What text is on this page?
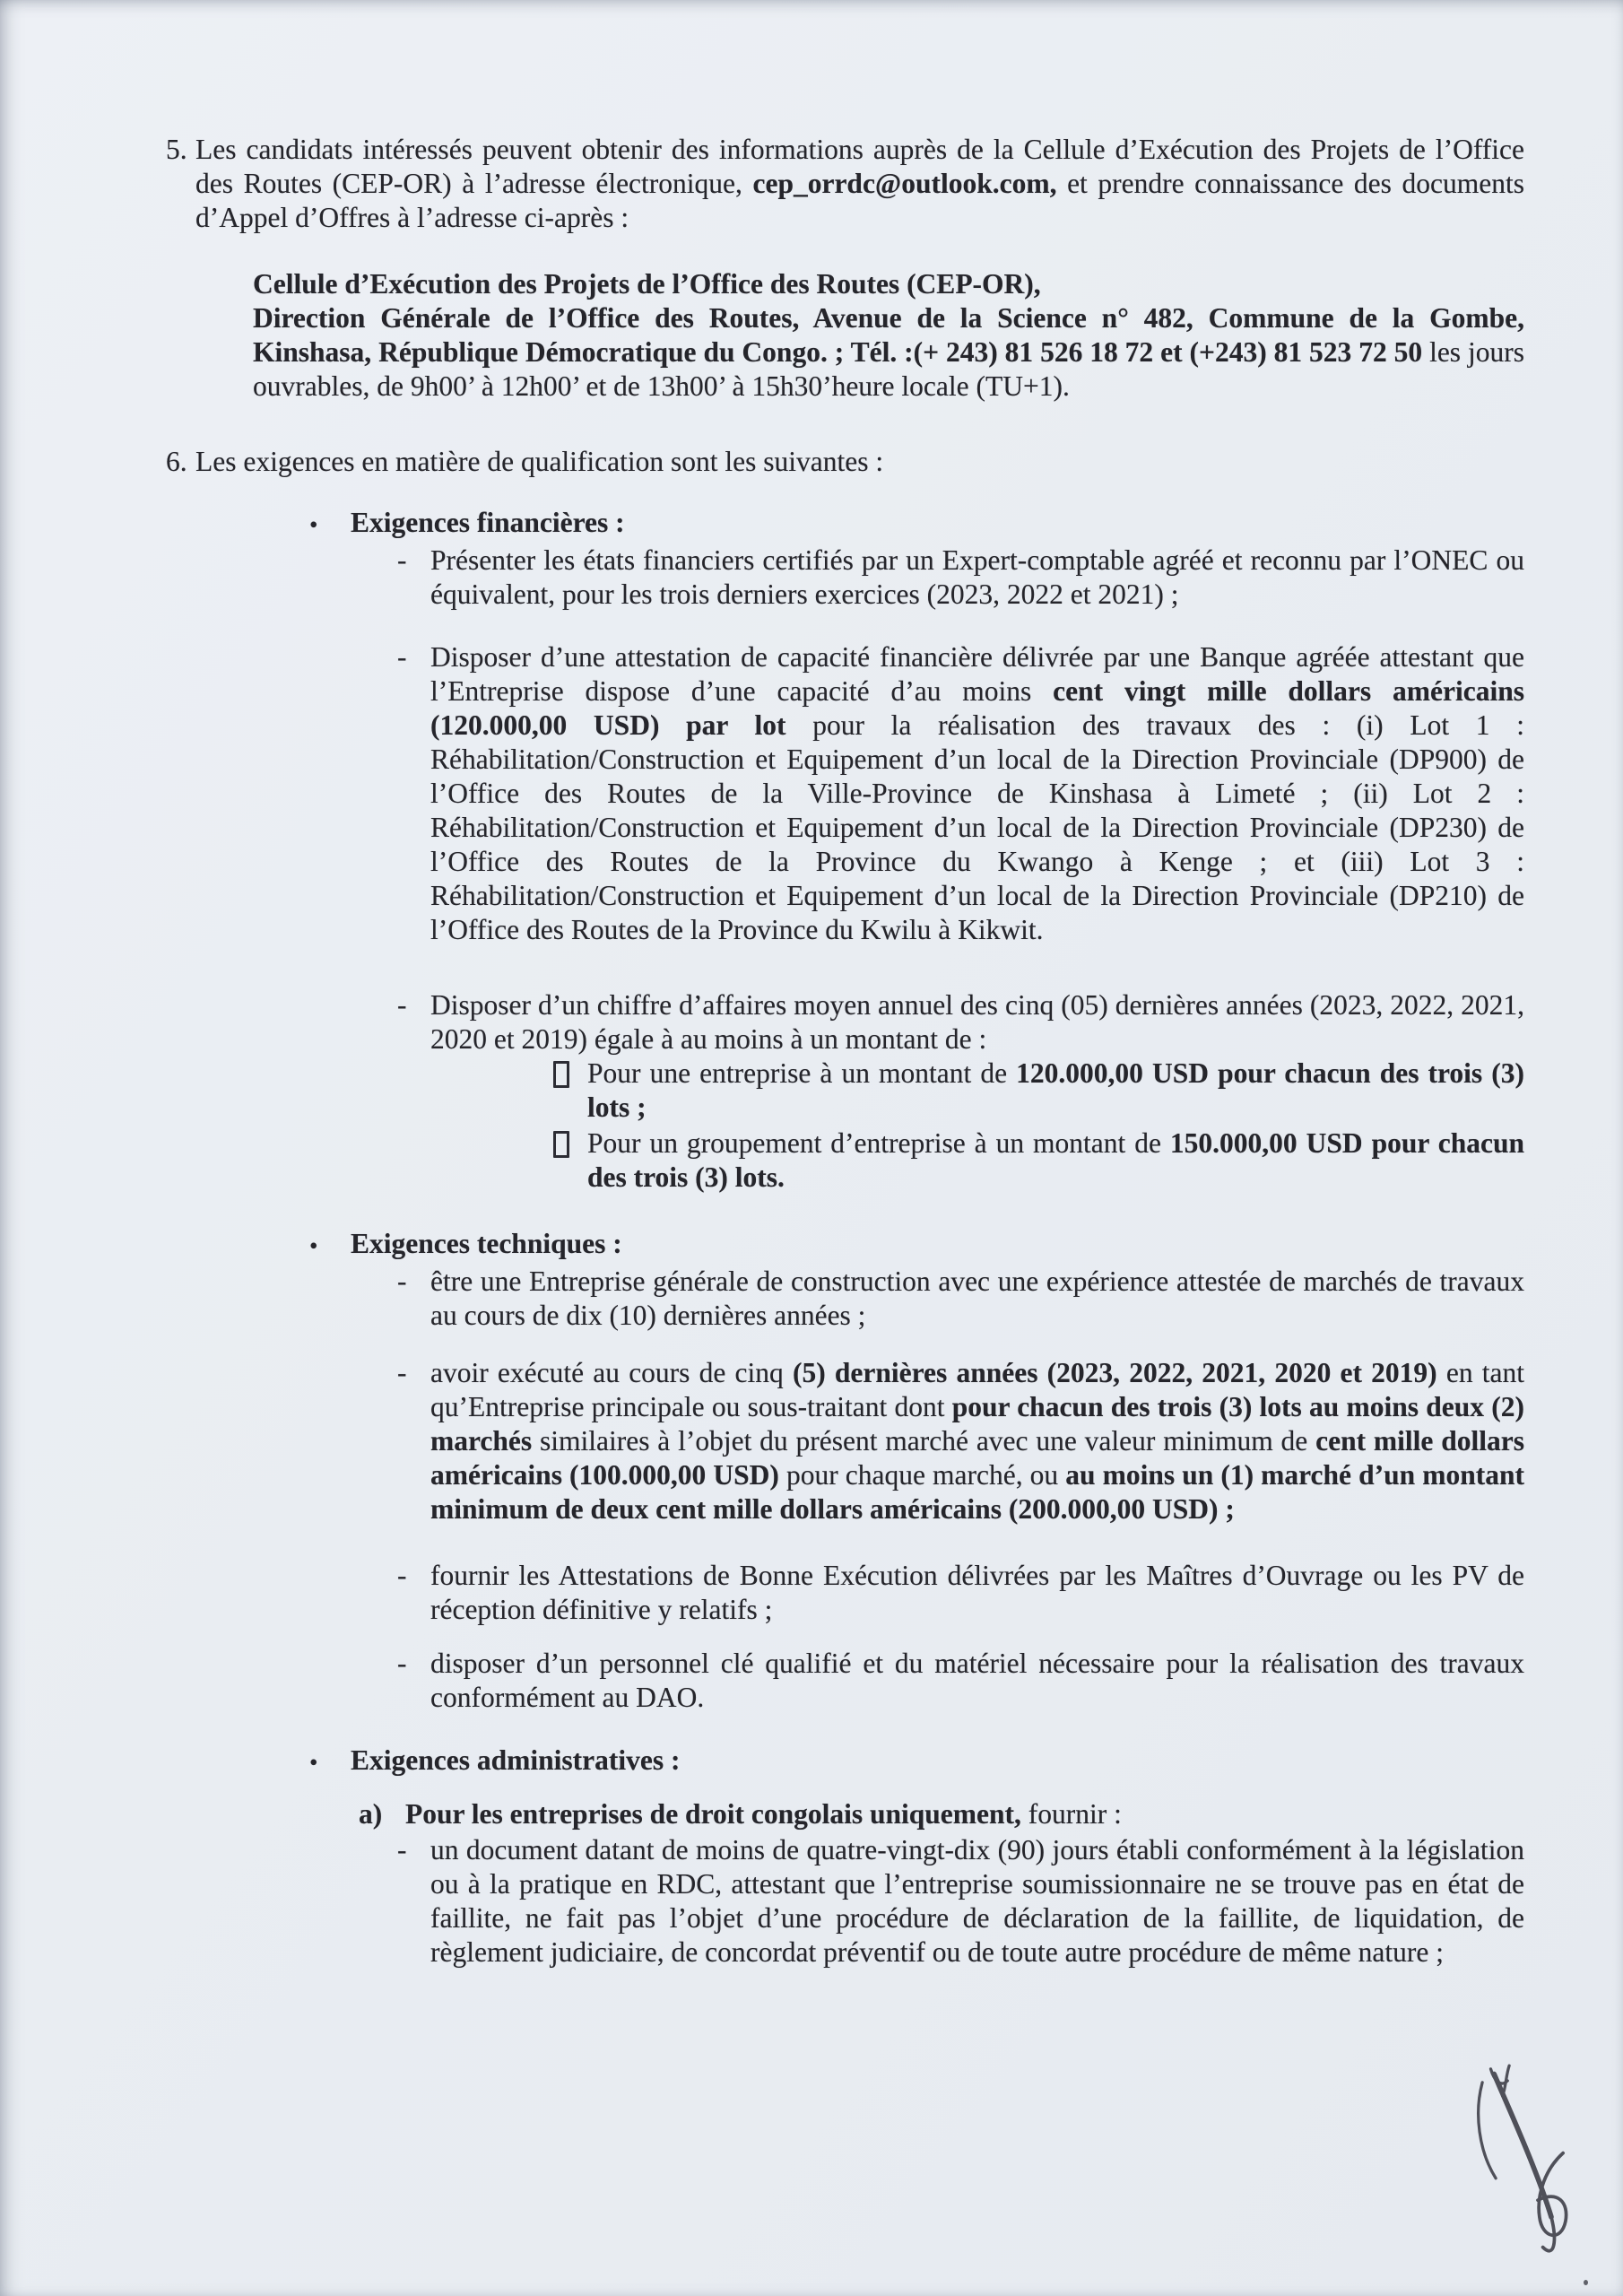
5. Les candidats intéressés peuvent obtenir des informations auprès de la Cellule d’Exécution des Projets de l’Office des Routes (CEP-OR) à l’adresse électronique, cep_orrdc@outlook.com, et prendre connaissance des documents d’Appel d’Offres à l’adresse ci-après :
Cellule d’Exécution des Projets de l’Office des Routes (CEP-OR),
Direction Générale de l’Office des Routes, Avenue de la Science n° 482, Commune de la Gombe, Kinshasa, République Démocratique du Congo. ; Tél. :(+ 243) 81 526 18 72 et (+243) 81 523 72 50 les jours ouvrables, de 9h00’ à 12h00’ et de 13h00’ à 15h30’heure locale (TU+1).
6. Les exigences en matière de qualification sont les suivantes :
•	Exigences financières :
- Présenter les états financiers certifiés par un Expert-comptable agréé et reconnu par l’ONEC ou équivalent, pour les trois derniers exercices (2023, 2022 et 2021) ;
- Disposer d’une attestation de capacité financière délivrée par une Banque agréée attestant que l’Entreprise dispose d’une capacité d’au moins cent vingt mille dollars américains (120.000,00 USD) par lot pour la réalisation des travaux des : (i) Lot 1 : Réhabilitation/Construction et Equipement d’un local de la Direction Provinciale (DP900) de l’Office des Routes de la Ville-Province de Kinshasa à Limeté ; (ii) Lot 2 : Réhabilitation/Construction et Equipement d’un local de la Direction Provinciale (DP230) de l’Office des Routes de la Province du Kwango à Kenge ; et (iii) Lot 3 : Réhabilitation/Construction et Equipement d’un local de la Direction Provinciale (DP210) de l’Office des Routes de la Province du Kwilu à Kikwit.
- Disposer d’un chiffre d’affaires moyen annuel des cinq (05) dernières années (2023, 2022, 2021, 2020 et 2019) égale à au moins à un montant de :
Pour une entreprise à un montant de 120.000,00 USD pour chacun des trois (3) lots ;
Pour un groupement d’entreprise à un montant de 150.000,00 USD pour chacun des trois (3) lots.
•	Exigences techniques :
- être une Entreprise générale de construction avec une expérience attestée de marchés de travaux au cours de dix (10) dernières années ;
- avoir exécuté au cours de cinq (5) dernières années (2023, 2022, 2021, 2020 et 2019) en tant qu’Entreprise principale ou sous-traitant dont pour chacun des trois (3) lots au moins deux (2) marchés similaires à l’objet du présent marché avec une valeur minimum de cent mille dollars américains (100.000,00 USD) pour chaque marché, ou au moins un (1) marché d’un montant minimum de deux cent mille dollars américains (200.000,00 USD) ;
- fournir les Attestations de Bonne Exécution délivrées par les Maîtres d’Ouvrage ou les PV de réception définitive y relatifs ;
- disposer d’un personnel clé qualifié et du matériel nécessaire pour la réalisation des travaux conformément au DAO.
•	Exigences administratives :
a) Pour les entreprises de droit congolais uniquement, fournir :
- un document datant de moins de quatre-vingt-dix (90) jours établi conformément à la législation ou à la pratique en RDC, attestant que l’entreprise soumissionnaire ne se trouve pas en état de faillite, ne fait pas l’objet d’une procédure de déclaration de la faillite, de liquidation, de règlement judiciaire, de concordat préventif ou de toute autre procédure de même nature ;
